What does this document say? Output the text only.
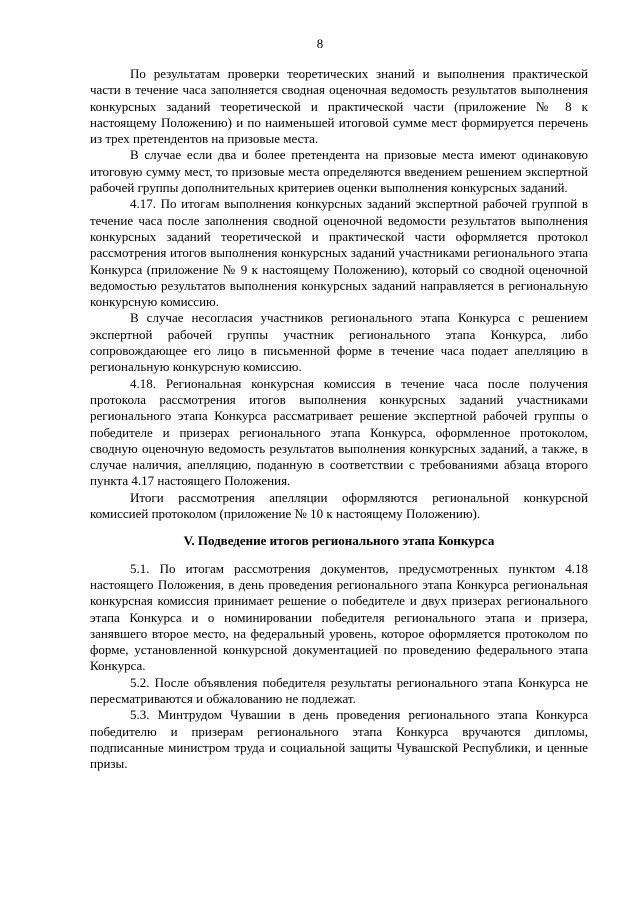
8

По результатам проверки теоретических знаний и выполнения практической части в течение часа заполняется сводная оценочная ведомость результатов выполнения конкурсных заданий теоретической и практической части (приложение № 8 к настоящему Положению) и по наименьшей итоговой сумме мест формируется перечень из трех претендентов на призовые места.

В случае если два и более претендента на призовые места имеют одинаковую итоговую сумму мест, то призовые места определяются введением решением экспертной рабочей группы дополнительных критериев оценки выполнения конкурсных заданий.

4.17. По итогам выполнения конкурсных заданий экспертной рабочей группой в течение часа после заполнения сводной оценочной ведомости результатов выполнения конкурсных заданий теоретической и практической части оформляется протокол рассмотрения итогов выполнения конкурсных заданий участниками регионального этапа Конкурса (приложение № 9 к настоящему Положению), который со сводной оценочной ведомостью результатов выполнения конкурсных заданий направляется в региональную конкурсную комиссию.

В случае несогласия участников регионального этапа Конкурса с решением экспертной рабочей группы участник регионального этапа Конкурса, либо сопровождающее его лицо в письменной форме в течение часа подает апелляцию в региональную конкурсную комиссию.

4.18. Региональная конкурсная комиссия в течение часа после получения протокола рассмотрения итогов выполнения конкурсных заданий участниками регионального этапа Конкурса рассматривает решение экспертной рабочей группы о победителе и призерах регионального этапа Конкурса, оформленное протоколом, сводную оценочную ведомость результатов выполнения конкурсных заданий, а также, в случае наличия, апелляцию, поданную в соответствии с требованиями абзаца второго пункта 4.17 настоящего Положения.

Итоги рассмотрения апелляции оформляются региональной конкурсной комиссией протоколом (приложение № 10 к настоящему Положению).

V. Подведение итогов регионального этапа Конкурса

5.1. По итогам рассмотрения документов, предусмотренных пунктом 4.18 настоящего Положения, в день проведения регионального этапа Конкурса региональная конкурсная комиссия принимает решение о победителе и двух призерах регионального этапа Конкурса и о номинировании победителя регионального этапа и призера, занявшего второе место, на федеральный уровень, которое оформляется протоколом по форме, установленной конкурсной документацией по проведению федерального этапа Конкурса.

5.2. После объявления победителя результаты регионального этапа Конкурса не пересматриваются и обжалованию не подлежат.

5.3. Минтрудом Чувашии в день проведения регионального этапа Конкурса победителю и призерам регионального этапа Конкурса вручаются дипломы, подписанные министром труда и социальной защиты Чувашской Республики, и ценные призы.
